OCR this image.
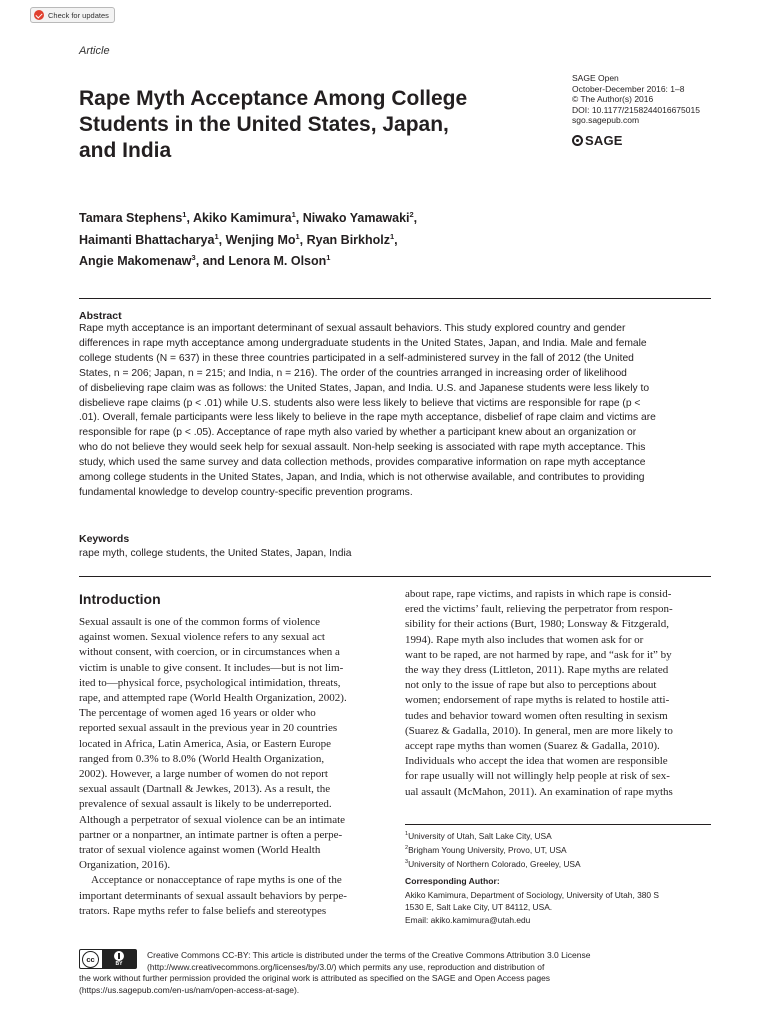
Check for updates
Article
Rape Myth Acceptance Among College
Students in the United States, Japan,
and India
SAGE Open
October-December 2016: 1–8
© The Author(s) 2016
DOI: 10.1177/2158244016675015
sgo.sagepub.com
SAGE
Tamara Stephens$^1$, Akiko Kamimura$^1$, Niwako Yamawaki$^2$,
Haimanti Bhattacharya$^1$, Wenjing Mo$^1$, Ryan Birkholz$^1$,
Angie Makomenaw$^3$, and Lenora M. Olson$^1$
Abstract
Rape myth acceptance is an important determinant of sexual assault behaviors. This study explored country and gender
differences in rape myth acceptance among undergraduate students in the United States, Japan, and India. Male and female
college students (N = 637) in these three countries participated in a self-administered survey in the fall of 2012 (the United
States, n = 206; Japan, n = 215; and India, n = 216). The order of the countries arranged in increasing order of likelihood
of disbelieving rape claim was as follows: the United States, Japan, and India. U.S. and Japanese students were less likely to
disbelieve rape claims (p < .01) while U.S. students also were less likely to believe that victims are responsible for rape (p <
.01). Overall, female participants were less likely to believe in the rape myth acceptance, disbelief of rape claim and victims are
responsible for rape (p < .05). Acceptance of rape myth also varied by whether a participant knew about an organization or
who do not believe they would seek help for sexual assault. Non-help seeking is associated with rape myth acceptance. This
study, which used the same survey and data collection methods, provides comparative information on rape myth acceptance
among college students in the United States, Japan, and India, which is not otherwise available, and contributes to providing
fundamental knowledge to develop country-specific prevention programs.
Keywords
rape myth, college students, the United States, Japan, India
Introduction
Sexual assault is one of the common forms of violence
against women. Sexual violence refers to any sexual act
without consent, with coercion, or in circumstances when a
victim is unable to give consent. It includes—but is not lim-
ited to—physical force, psychological intimidation, threats,
rape, and attempted rape (World Health Organization, 2002).
The percentage of women aged 16 years or older who
reported sexual assault in the previous year in 20 countries
located in Africa, Latin America, Asia, or Eastern Europe
ranged from 0.3% to 8.0% (World Health Organization,
2002). However, a large number of women do not report
sexual assault (Dartnall & Jewkes, 2013). As a result, the
prevalence of sexual assault is likely to be underreported.
Although a perpetrator of sexual violence can be an intimate
partner or a nonpartner, an intimate partner is often a perpe-
trator of sexual violence against women (World Health
Organization, 2016).
Acceptance or nonacceptance of rape myths is one of the
important determinants of sexual assault behaviors by perpe-
trators. Rape myths refer to false beliefs and stereotypes
about rape, rape victims, and rapists in which rape is consid-
ered the victims’ fault, relieving the perpetrator from respon-
sibility for their actions (Burt, 1980; Lonsway & Fitzgerald,
1994). Rape myth also includes that women ask for or
want to be raped, are not harmed by rape, and “ask for it” by
the way they dress (Littleton, 2011). Rape myths are related
not only to the issue of rape but also to perceptions about
women; endorsement of rape myths is related to hostile atti-
tudes and behavior toward women often resulting in sexism
(Suarez & Gadalla, 2010). In general, men are more likely to
accept rape myths than women (Suarez & Gadalla, 2010).
Individuals who accept the idea that women are responsible
for rape usually will not willingly help people at risk of sex-
ual assault (McMahon, 2011). An examination of rape myths
$^1$University of Utah, Salt Lake City, USA
$^2$Brigham Young University, Provo, UT, USA
$^3$University of Northern Colorado, Greeley, USA
Corresponding Author:
Akiko Kamimura, Department of Sociology, University of Utah, 380 S
1530 E, Salt Lake City, UT 84112, USA.
Email: akiko.kamimura@utah.edu
cc
BY
Creative Commons CC-BY: This article is distributed under the terms of the Creative Commons Attribution 3.0 License
(http://www.creativecommons.org/licenses/by/3.0/) which permits any use, reproduction and distribution of
the work without further permission provided the original work is attributed as specified on the SAGE and Open Access pages
(https://us.sagepub.com/en-us/nam/open-access-at-sage).
